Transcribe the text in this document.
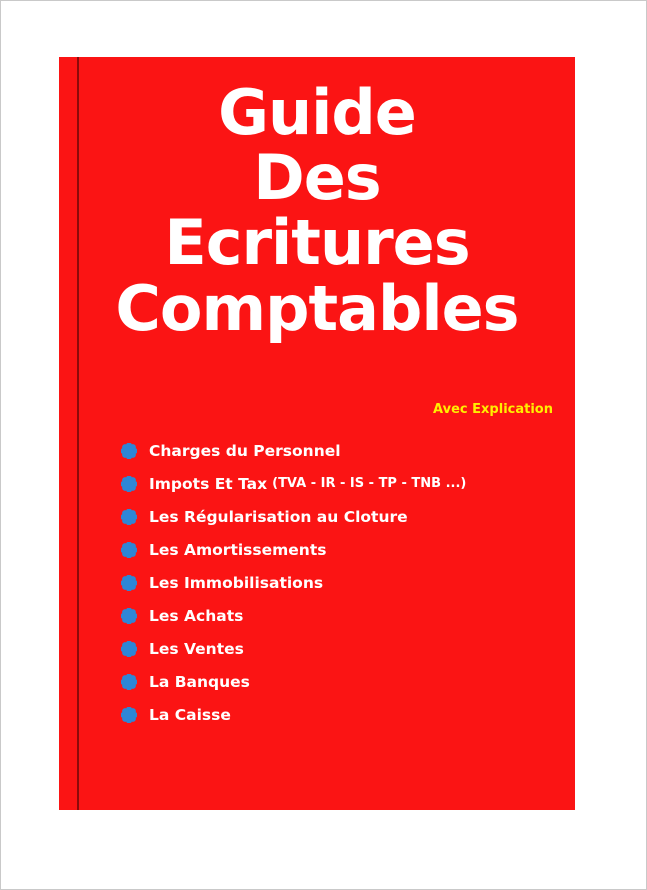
Guide
Des
Ecritures
Comptables
Avec Explication
Charges du Personnel
Impots Et Tax (TVA - IR - IS - TP - TNB ...)
Les Régularisation au Cloture
Les Amortissements
Les Immobilisations
Les Achats
Les Ventes
La Banques
La Caisse
